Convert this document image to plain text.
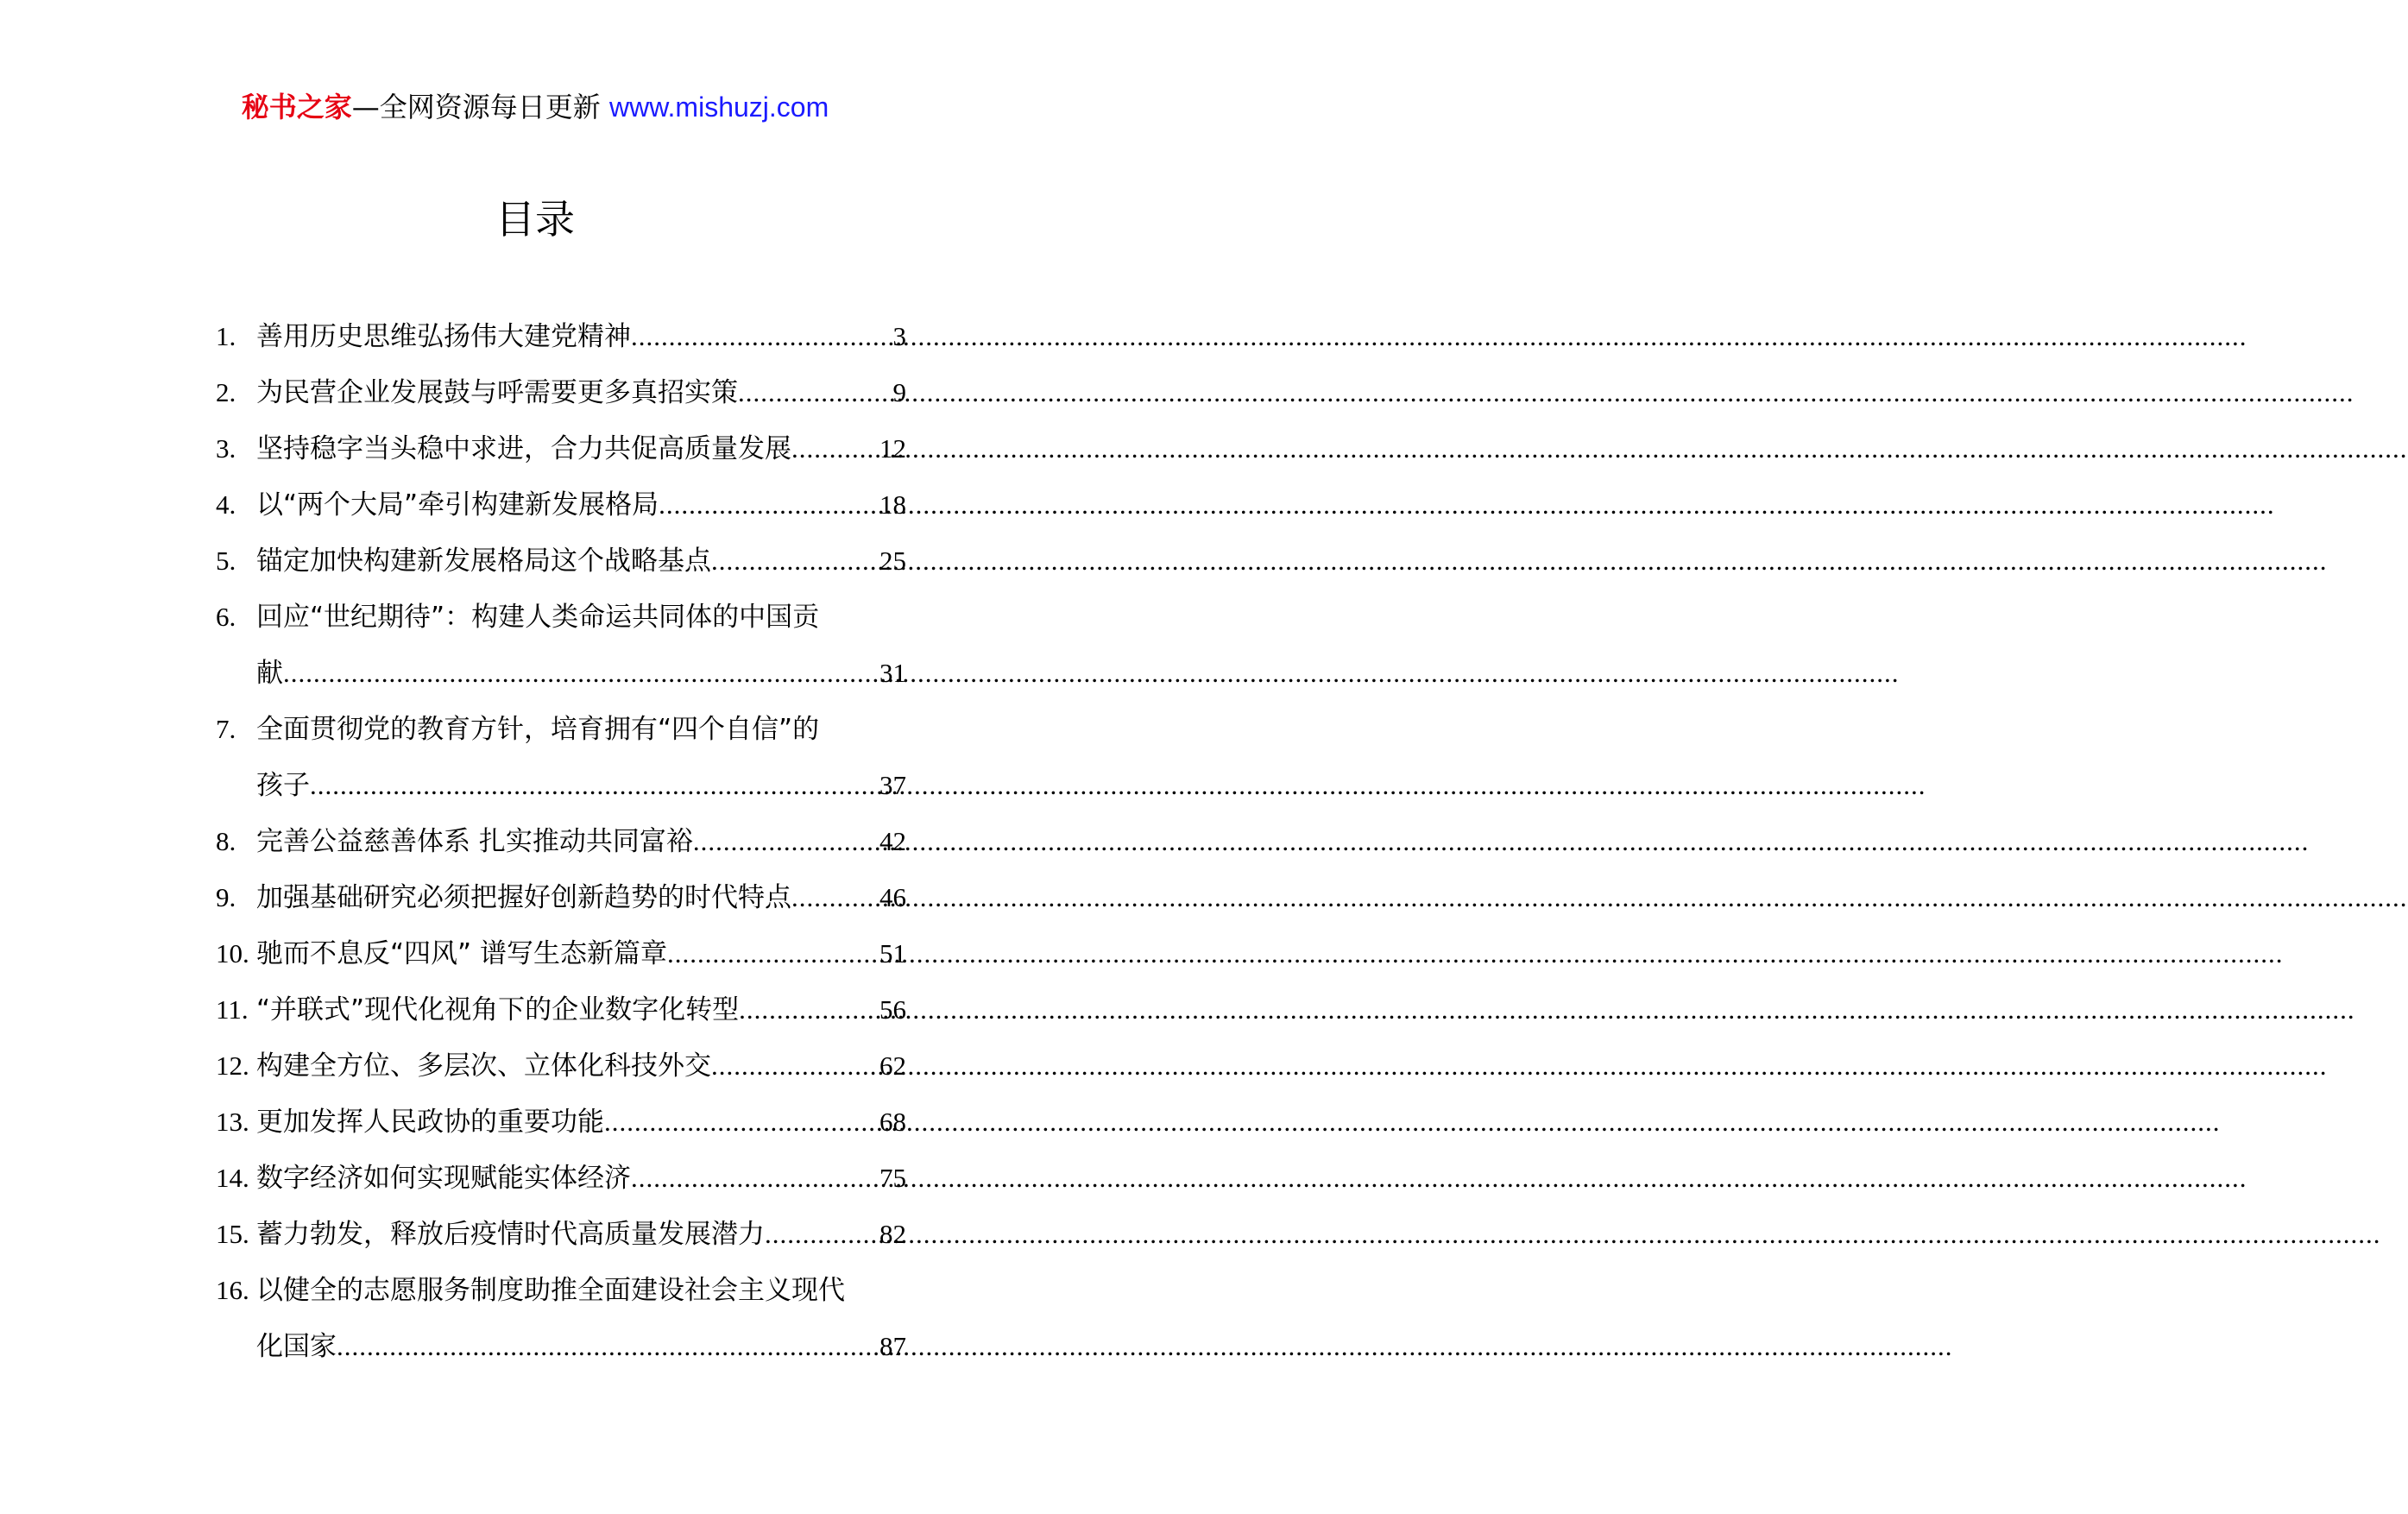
秘书之家—全网资源每日更新 www.mishuzj.com
目录
1. 善用历史思维弘扬伟大建党精神 .....	3
2. 为民营企业发展鼓与呼需要更多真招实策 .....	9
3. 坚持稳字当头稳中求进，合力共促高质量发展 .....	12
4. 以“两个大局”牵引构建新发展格局 .....	18
5. 锚定加快构建新发展格局这个战略基点 .....	25
6. 回应“世纪期待”：构建人类命运共同体的中国贡
献 .....	31
7. 全面贯彻党的教育方针，培育拥有“四个自信”的
孩子 .....	37
8. 完善公益慈善体系 扎实推动共同富裕 .....	42
9. 加强基础研究必须把握好创新趋势的时代特点 .....	46
10. 驰而不息反“四风” 谱写生态新篇章 .....	51
11. “并联式”现代化视角下的企业数字化转型 .....	56
12. 构建全方位、多层次、立体化科技外交 .....	62
13. 更加发挥人民政协的重要功能 .....	68
14. 数字经济如何实现赋能实体经济 .....	75
15. 蓄力勃发，释放后疫情时代高质量发展潜力 .....	82
16. 以健全的志愿服务制度助推全面建设社会主义现代
化国家 .....	87
